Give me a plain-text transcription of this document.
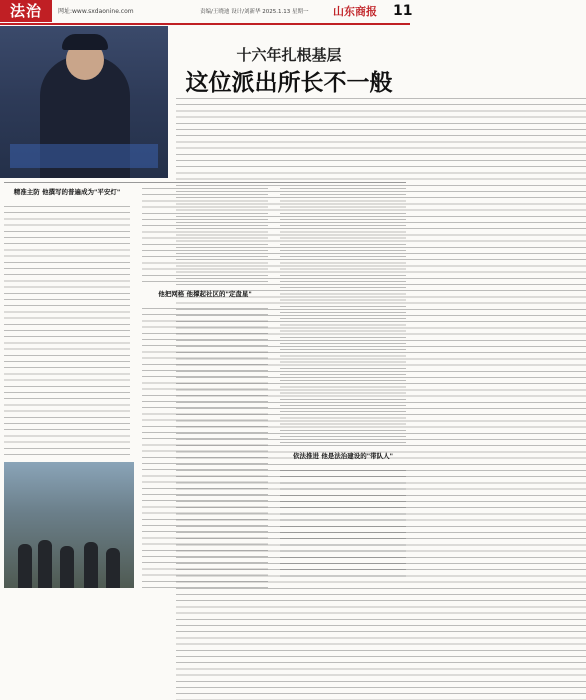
法治	网址:www.sxdaonine.com	责编/王晓迪 设计/刘新华 2025.1.13 星期一 山东商报 11
十六年扎根基层
这位派出所长不一般
精准主防 他撰写的普遍成为"平安灯"
他把网格 他撑起社区的"定盘星"
依法推进 他是法治建设的"带队人"
